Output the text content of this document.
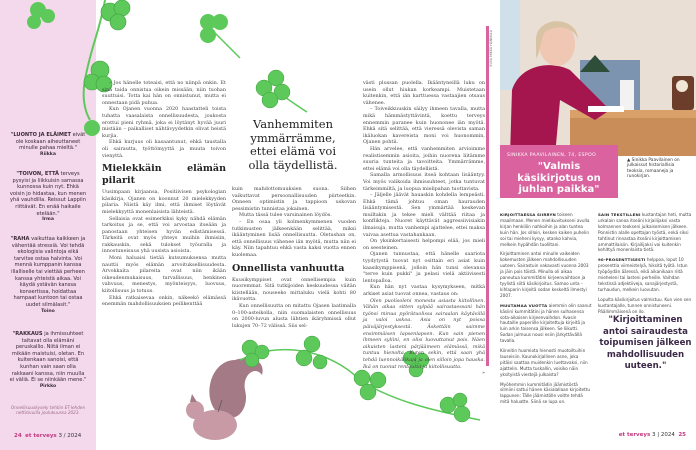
"LUONTO JA ELÄIMET eivät ole koskaan aiheuttaneet minulle pahaa mieltä."
Riikka
"TOIVON, ETTÄ terveys pysyisi ja liikkuisin samassa kunnossa kuin nyt. Ehkä voisin jo hidastaa, kun menen yhä vauhdilla. Reissut Lappiin riittävät. En enää haikaile etelään."
Irma
"RAHA vaikuttaa kaikkeen ja vähentää stressiä. Voi tehdä ekologisia valintoja eikä tarvitse ostaa halvinta. Voi mennä kumppanin kanssa illalliselle tai viettää perheen kanssa yhteistä aikaa. Voi käydä ystävän kanssa konsertissa, hoidattaa hampaat kuntoon tai ostaa uudet silmälasit."
Toino
"RAKKAUS ja ihmissuhteet taitavat olla elämäni peruskallio. Niitä ilman ei mikään maistuisi, oletan. En kuitenkaan sanoisi, että kunhan vain saan olla rakkaani kanssa, niin muulla ei väliä. Ei se niinkään mene."
Pirkko
Onnellisuuskysely tehtiin ET-lehden nettisivuilla joulukuussa 2023.
24 et terveys 3 / 2024

– Jos hänelle toteaisi, että no niinpä onkin. Et sinä taida onnistua oikein missään, niin tuohan suuttuisi. Totta kai hän on onnistunut, mutta ei onnestaan pidä puhua.

Kun Ojanen vuonna 2020 haastatteli toista tuhatta vaasalaista onnellisuudesta, joukosta erottui pieni ryhmä, joka ei löytänyt hyvää juuri mistään – paikalliset nähtävyydetkin olivat heistä kurjia.

Ehkä kurjuus oli kasaantunut, ehkä taustalla oli sairautta, työttömyyttä ja muuta toivon vienyttä.

Mielekkäin elämän pilarit

Uusimpaan kirjaansa, Positiivisen psykologian käsikirja, Ojanen on koonnut 20 mielekkyyden pilaria. Niistä käy ilmi, että ihmiset löytävät mielekkyyttä monenlaisista lähteistä.

Sellaisia ovat esimerkiksi kyky nähdä elämän tarkoitus ja se, että voi arvostaa itseään ja panostaan yhteisen hyvän edistämisessä. Tärkeitä ovat myös yhteys muihin ihmisiin, rakkauskin, sekä tulokset työuralla ja innostuneisuus yhä uusista asioista.

Moni haluaisi tietää kutsumuksensa mutta nauttii myös elämän arvoituksellisuudesta. Arvokkaita pilareita ovat niin ikään oikeudenmukaisuus, turvallisuus, henkinen vahvuus, menestys, myönteisyys, luovuus, kiitollisuus ja totuus.

Ehkä ratkaisevaa onkin, näkeekö elämässä enemmän mahdollisuuksien peilikenttää

Vanhemmiten ymmärrämme, ettei elämä voi olla täydellistä.

kuin mahdottomuuksien suona. Siihen vaikuttavat persoonallisuuden piirteetkin. Onneen optimistin ja tappioon uskovan pessimistin tunnistaa jokainen.

Mutta tässä tulee varsinainen löydös.

– En osaa yli kolmenkymmenen vuoden tutkimusten jälkeenkään selittää, miksi ikääntyminen lisää onnellisuutta. Oletushan on, että onnellisuus vähenee iän myötä, mutta niin ei käy. Niin tapahtuu ehkä vasta kaksi vuotta ennen kuolemaa.

Onnellista vanhuutta

Kuusikymppiset ovat onnellisempia kuin nuoremmat. Sitä tutkijoiden keskuudessa väitän kiistellään, nouseeko mittaluku vielä kohti 80 ikävuotta.

Kun onnellisuutta on mitattu Ojasen laatimalla 0–100-asteikolla, niin suomalaisten onnellisuus on 2000-luvun alusta lähtien ikäryhmissä ollut lukujen 70–72 välissä. Siis sel-

västi plussan puolella. Ikääntyneillä luku on usein ollut hiukan korkeampi. Muistetaan kuitenkin, että iän karttuessa vastaajien otsaus vähenee.

– Toiveikkuuskin säilyy ihmeen tavalla, mutta mikä hämmästyttävintä, koettu terveys ennemmin paranee kuin huononee iän myötä. Ehkä sitä selittää, että vieressä olevista saman ikäluokan kavereista moni voi huonommin, Ojanen pohtii.

Hän arvelee, että vanhemmiten arvioimme realistisemmin asioita, joihin nuorena liitämme suuria tunteita ja tavoitteita. Ymmärrämme, ettei elämä voi olla täydellistä.

Samalla armollisuus itseä kohtaan lisääntyy. Voi myös valikoida ihmissuhteet, jotka tuntuvat tärkeimmiltä, ja luopua mielipahan tuottavista.

– Jäljelle jäävät hauaskin kohdella lempeästi. Ehkä tämä johtuu oman haurauden lisääntymisestä. Sen ymmärtää keskevan muiltakin ja tekee mieli välttää riitaa ja konflikteja. Nuoret käyttävät aggressiivisiakin ilmaisuja, mutta vanhempi ajattelee, ettei maksa vaivaa asettua vastahankaan.

On yksinkertaisesti helpompi elää, jos mieli on seesteinen.

Ojanen tunnustaa, että hänelle saariota tyydytystä tuovat nyt osittain eri asiat kuin kaasikymppisenä, jolloin hän tunsi olevansa "terve kuin pukki" ja pelasi vielä aktiivisesti lentopalloa.

Kun hän nyt vastaa kysymykseen, mitkä arkiset asiat tuovat onnea, vastaus on:

Olen puolisoleni monesta asiasta kiitollinen. Vähän aikaa sitten sylpää sairastaessani hän työnsi minua pyörätuolissa sairaalan käytävillä ja valoi uskoa. Asia on nyt poissa päiväjärjestyksestä. Äskettäin saimme ensimmäisen lapsenlapsen. Kun sain pienen ihmeen syliini, en olisi luovuttanut pois. Näen aikuisten lasteni pärjäämeen elämässä, mikä tuntuu hienolta. Kuten sekin, että saan yhä tehdä luennoikälikaja ja olen silloin jopa hauska. Ikä on tuonut rentoutta ja kiitollisuutta.

»

KUVA MIKKO HANNULA
SINIKKA PAAVILAINEN, 74, ESPOO
"Valmis käsikirjotus on juhlan paikka"
▲ Sinikka Paavilainen on julkaissut historiallisia teoksia, romaaneja ja runokirjan.

KIRJOITTAESSA SIIRRYN toiseen maailmaan. Menen mielikuvitukseni avulla kirjan henkilön nahkoihin ja alan tuntea kuin hän. Jos silloin, kesken kaiken puhelin soi tai mieheni kysyy, otanko kahvia, melkein hypähdän tuoliltani.

Kirjoittaminen antoi minulle vaikeiden kokemusten jälkeen mahdollisuuden uuteen. Sairastuin vakavasti vuonna 2003 ja jäin pois töistä. Minulla oli aikaa paneutua kummitätini kirjeenvaihtoon ja tyylistä siitä käsikirjoitus. Samoo unta – kihlaparin kirjeitä sodan keskeltä ilmestyi 2007.

MUUTAMAA VUOTTA aiemmin olin saanut käsiini kummitätini ja hänen sulhasensa sota-aikaisen kirjeenvaihdon. Avasin hautaille paperiille kirjoitettuja kirjeitä ja luin arkin toisensa jälkeen. Se liikutti. Sodan julmuus nousi esiin järkyttävällä tavalla.

Kiinnitin huomiota hienosti muotoiltuihin lauseisiin. Kaunokirjallinen asne, joka pitäisi saattaa muidenkin luettavaksi, niin ajattelin. Mutta tuskallin, voisiko näin yksityistä viestejä julkaista?

Myöhemmin kummitädin jäämistöstä silmiini sattui hänen käsialallaan kirjoitettu lappunen: Tälle jäämistölle voitte tehdä mitä haluatte. Siinä se lupa on.

SAIN TEKSTILLENI kustantajan heti, mutta urkalain sanoa itseäni kirjailijaksi vasta kolmannen teokseni julkaisemisen jälkeen. Ponnistin alalle opettajan työstä, enkä siksi tohtinut rinnastaa itseäni kirjoittamisen ammattilaisiin. Kirjailijaksi voi kuitenkin kehittyä monenlaista tietä.

90-PROSENTTISESTI helppoa, loput 10 prosenttia viimeistelyä, hiksitä työtä. Istun työpöydän ääressä, eikä aikanikaan riitä mieheleni tai lasteni perheille. Vaihdan tekstissä adjektiiveja, sanajärjestystä, turhaudun, melkein luovutan.

Lopulta käsikirjoitus valmistuu. Kun vien sen kustantajalle, tunnen onnistuneeni. Päällimmäisenä on ilo.

"Kirjoittaminen antoi sairaudesta toipumisen jälkeen mahdollisuuden uuteen."
et terveys 3 | 2024 25
